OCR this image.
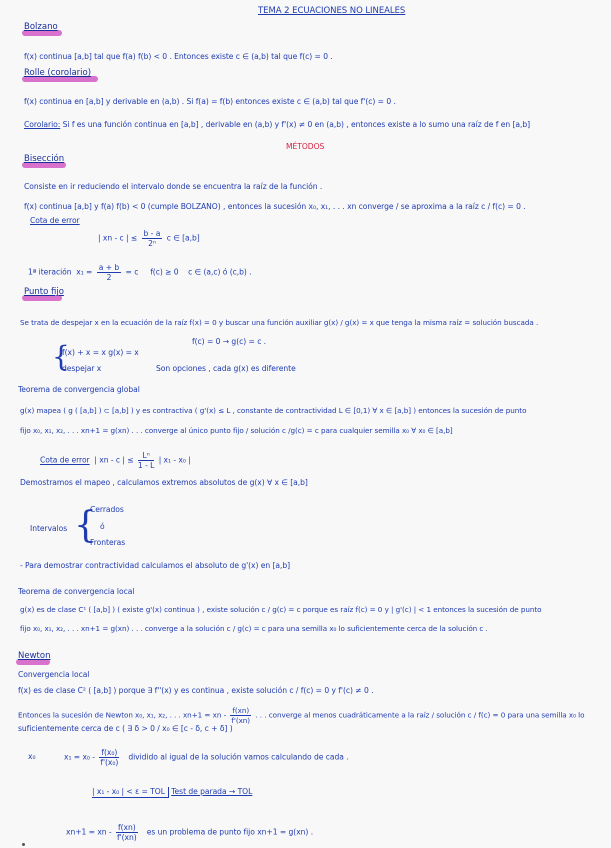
TEMA 2 ECUACIONES NO LINEALES
Bolzano
f(x) continua [a,b] tal que f(a) f(b) < 0 . Entonces existe c ∈ (a,b) tal que f(c) = 0 .
Rolle (corolario)
f(x) continua en [a,b] y derivable en (a,b) . Si f(a) = f(b) entonces existe c ∈ (a,b) tal que f'(c) = 0 .
Corolario: Si f es una función continua en [a,b] , derivable en (a,b) y f'(x) ≠ 0 en (a,b) , entonces existe a lo sumo una raíz de f en [a,b]
MÉTODOS
Bisección
Consiste en ir reduciendo el intervalo donde se encuentra la raíz de la función .
f(x) continua [a,b] y f(a) f(b) < 0 (cumple BOLZANO) , entonces la sucesión x₀, x₁, . . . xn converge / se aproxima a la raíz c / f(c) = 0 .
Cota de error
| xn - c | ≤ $\frac{b - a}{\text{2ⁿ}}$ c ∈ [a,b]
1ª iteración $x_1 = \frac{a + b}{2} = c$ f(c) ≥ 0 c ∈ (a,c) ó (c,b) .
Punto fijo
Se trata de despejar x en la ecuación de la raíz f(x) = 0 y buscar una función auxiliar g(x) / g(x) = x que tenga la misma raíz = solución buscada .
f(c) = 0 → g(c) = c .
{
f(x) + x = x g(x) = x
despejar x	Son opciones , cada g(x) es diferente
Teorema de convergencia global
g(x) mapea ( g ( [a,b] ) ⊂ [a,b] ) y es contractiva ( g'(x) ≤ L , constante de contractividad L ∈ [0,1) ∀ x ∈ [a,b] ) entonces la sucesión de punto
fijo x₀, x₁, x₂, . . . xn+1 = g(xn) . . . converge al único punto fijo / solución c /g(c) = c para cualquier semilla x₀ ∀ x₀ ∈ [a,b]
Cota de error | xn - c | ≤ $\frac{\text{Lⁿ}}{1 - L}$ | x₁ - x₀ |
Demostramos el mapeo , calculamos extremos absolutos de g(x) ∀ x ∈ [a,b]
Intervalos {
Cerrados
ó
Fronteras
- Para demostrar contractividad calculamos el absoluto de g'(x) en [a,b]
Teorema de convergencia local
g(x) es de clase C¹ ( [a,b] ) ( existe g'(x) continua ) , existe solución c / g(c) = c porque es raíz f(c) = 0 y | g'(c) | < 1 entonces la sucesión de punto
fijo x₀, x₁, x₂, . . . xn+1 = g(xn) . . . converge a la solución c / g(c) = c para una semilla x₀ lo suficientemente cerca de la solución c .
Newton
Convergencia local
f(x) es de clase C² ( [a,b] ) porque ∃ f''(x) y es continua , existe solución c / f(c) = 0 y f'(c) ≠ 0 .
Entonces la sucesión de Newton x₀, x₁, x₂, . . . xn+1 = xn - $\frac{f(xn)}{f'(xn)}$ . . . converge al menos cuadráticamente a la raíz / solución c / f(c) = 0 para una semilla x₀ lo
suficientemente cerca de c ( ∃ δ > 0 / x₀ ∈ [c - δ, c + δ] )
x₀	$x_1 = x_0 - \frac{\text{f(x₀)}}{\text{f'(x₀)}}$ dividido al igual de la solución vamos calculando de cada .
| x₁ - x₀ | < ε = TOL Test de parada → TOL
xn+1 = xn - $\frac{f(xn)}{f'(xn)}$ es un problema de punto fijo xn+1 = g(xn) .
